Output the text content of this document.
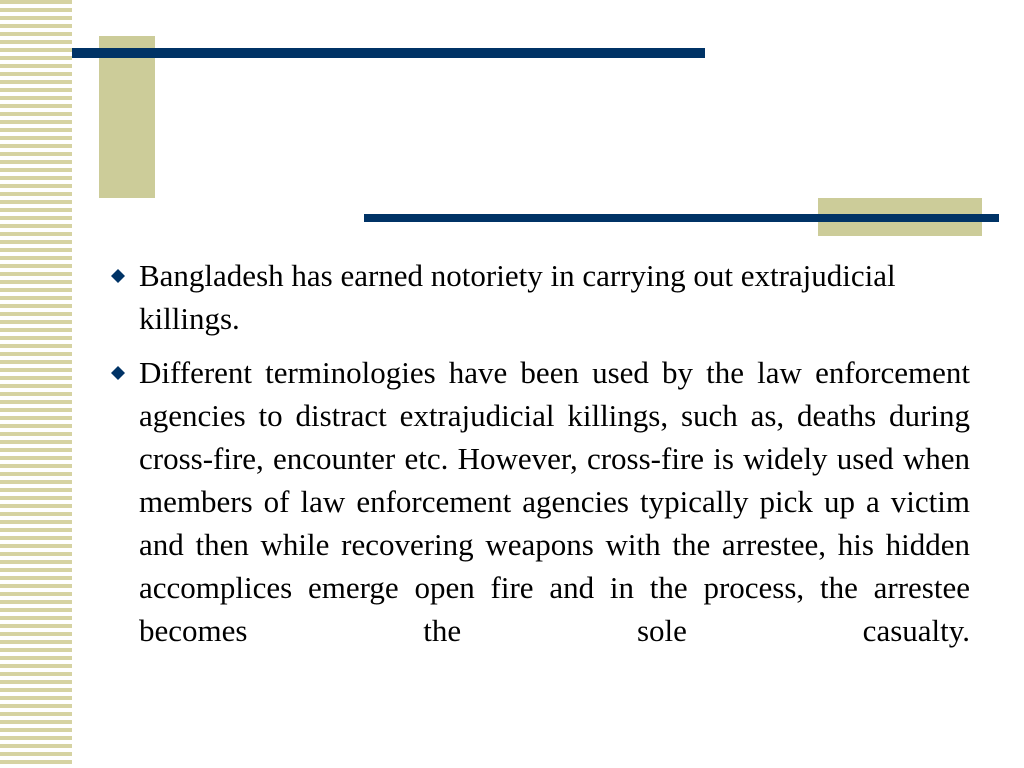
Bangladesh has earned notoriety in carrying out extrajudicial killings.
Different terminologies have been used by the law enforcement agencies to distract extrajudicial killings, such as, deaths during cross-fire, encounter etc. However, cross-fire is widely used when members of law enforcement agencies typically pick up a victim and then while recovering weapons with the arrestee, his hidden accomplices emerge open fire and in the process, the arrestee becomes the sole casualty.
